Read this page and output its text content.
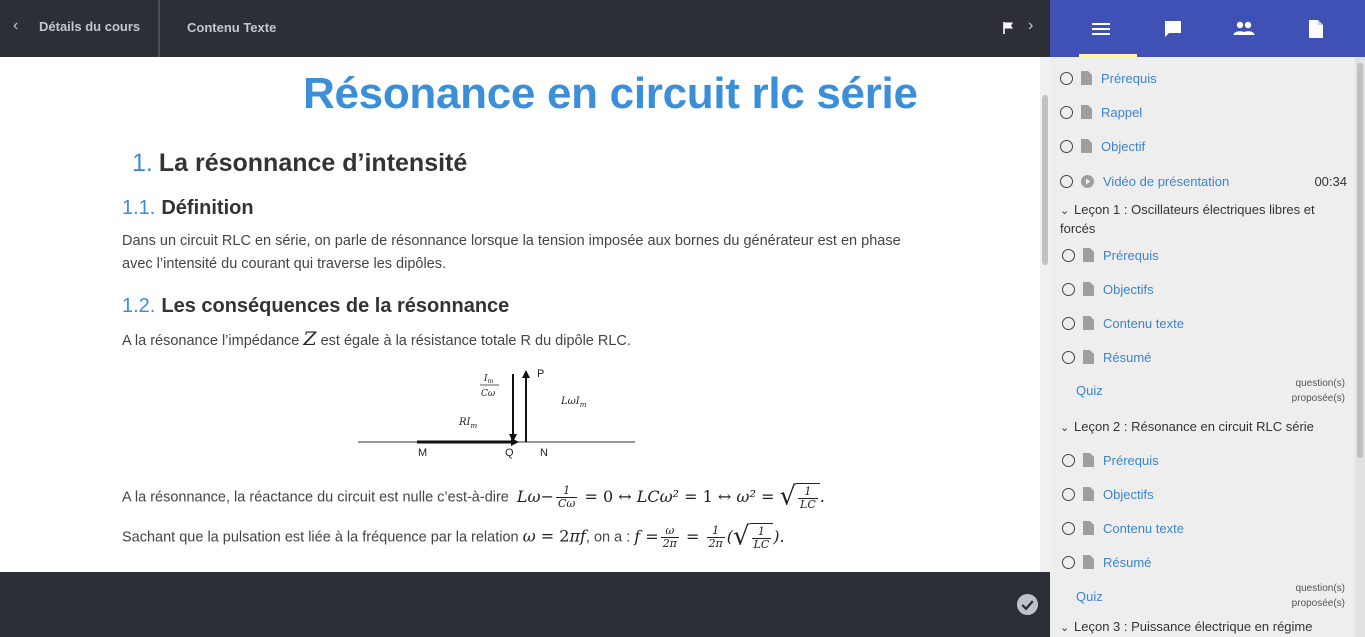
‹ Détails du cours	Contenu Texte	›
Résonance en circuit rlc série
1. La résonnance d’intensité
1.1. Définition
Dans un circuit RLC en série, on parle de résonnance lorsque la tension imposée aux bornes du générateur est en phase avec l’intensité du courant qui traverse les dipôles.
1.2. Les conséquences de la résonnance
A la résonance l’impédance Z est égale à la résistance totale R du dipôle RLC.
P
M	Q N
$RI_m$
LωI$_m$
$I_m$
Cω
A la résonnance, la réactance du circuit est nulle c’est-à-dire $L\omega- \frac{1}{C\omega} = 0$ ↔ LCω² = 1 ↔ ω² = √ $\frac{1}{LC}$ .
Sachant que la pulsation est liée à la fréquence par la relation ω = 2πf, on a : $f = \frac{\omega}{2\pi} = \frac{1}{2\pi}$ (√ $\frac{1}{LC}$ ).
Prérequis
Rappel
Objectif
Vidéo de présentation	00:34
⌄ Leçon 1 : Oscillateurs électriques libres et forcés
Prérequis
Objectifs
Contenu texte
Résumé
Quiz	question(s)
proposée(s)
⌄ Leçon 2 : Résonance en circuit RLC série
Prérequis
Objectifs
Contenu texte
Résumé
Quiz
question(s)
proposée(s)
⌄ Leçon 3 : Puissance électrique en régime
